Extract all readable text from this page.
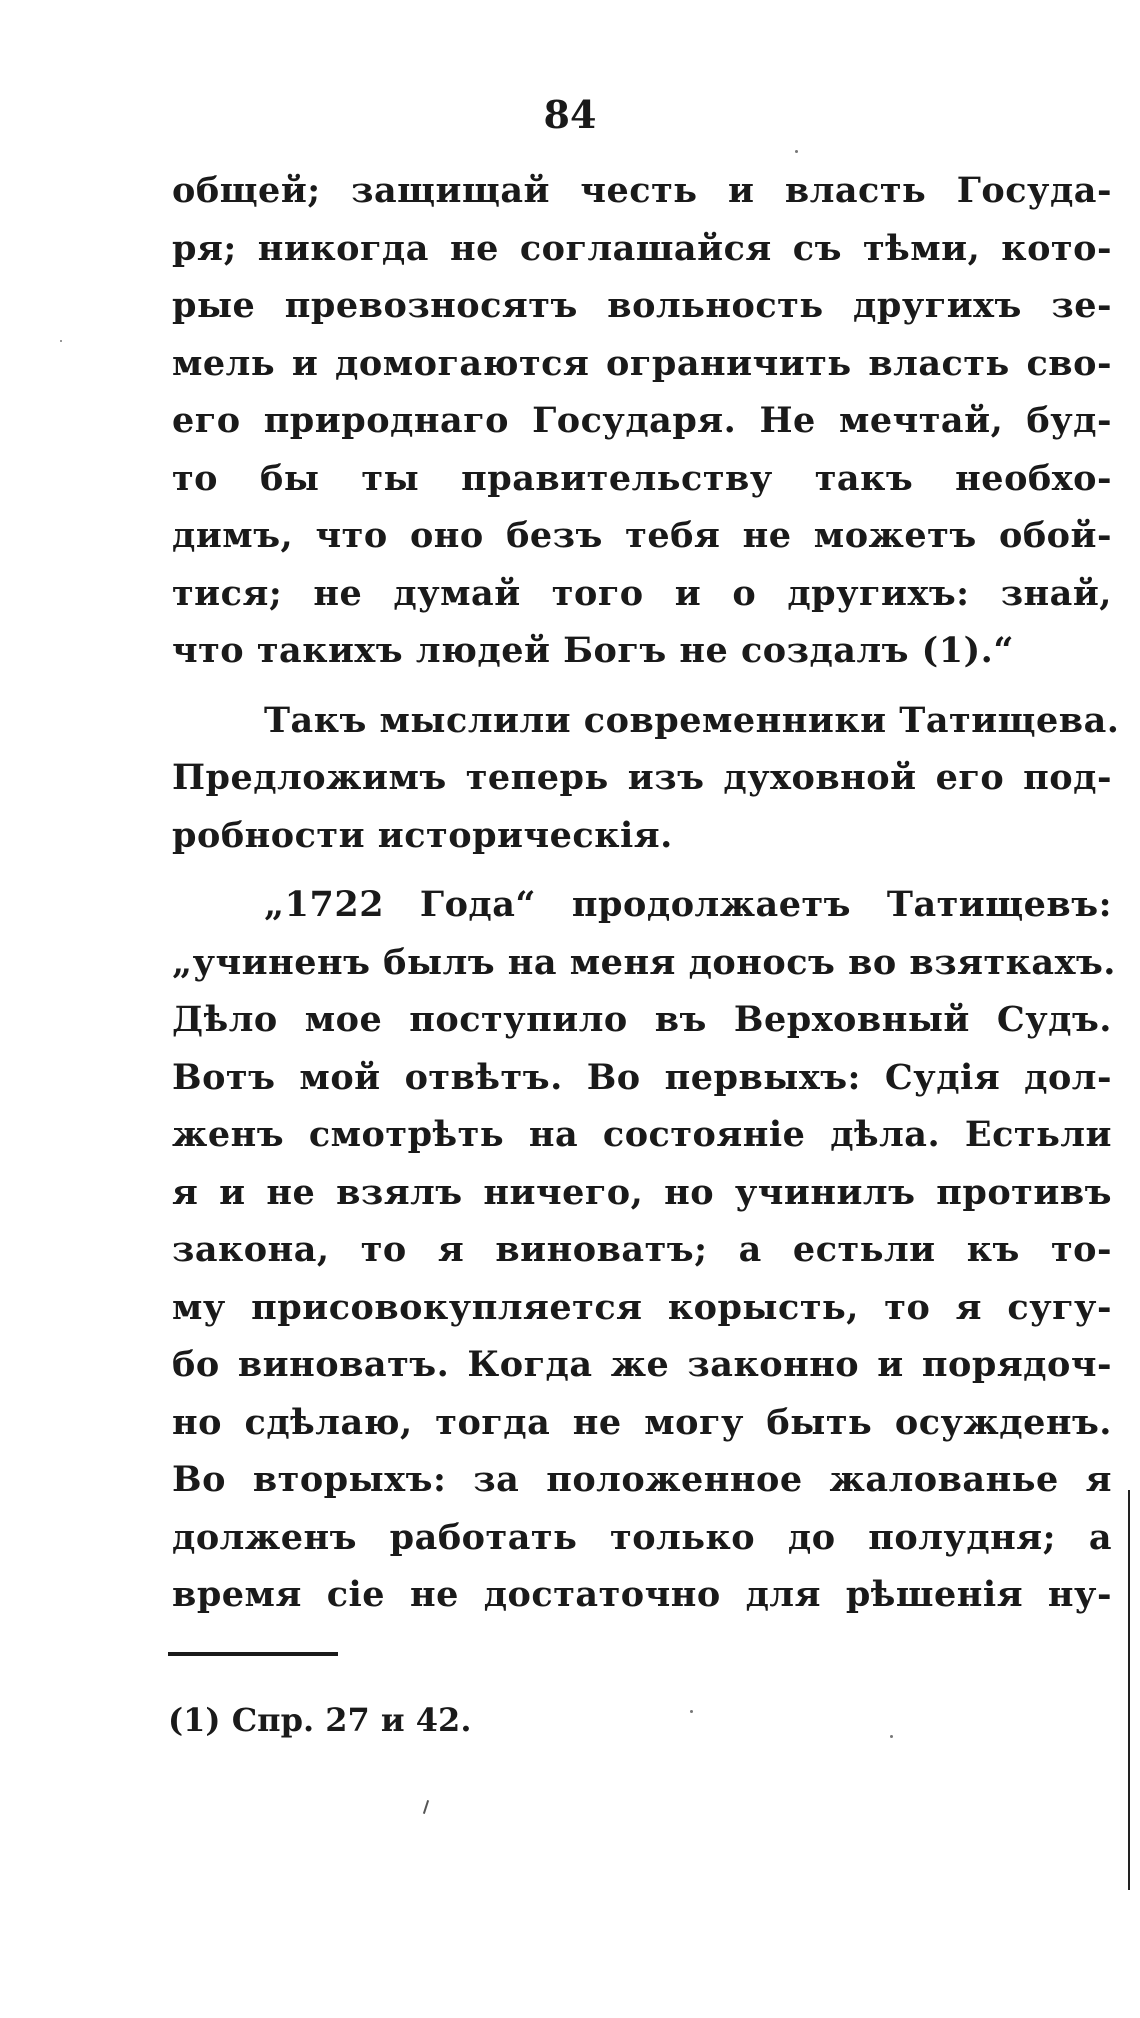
84
общей; защищай честь и власть Госуда-
ря; никогда не соглашайся съ тѣми, кото-
рые превозносятъ вольность другихъ зе-
мель и домогаются ограничить власть сво-
его природнаго Государя. Не мечтай, буд-
то бы ты правительству такъ необхо-
димъ, что оно безъ тебя не можетъ обой-
тися; не думай того и о другихъ: знай,
что такихъ людей Богъ не создалъ (1).“
Такъ мыслили современники Татищева.
Предложимъ теперь изъ духовной его под-
робности историческія.
„1722 Года“ продолжаетъ Татищевъ:
„учиненъ былъ на меня доносъ во взяткахъ.
Дѣло мое поступило въ Верховный Судъ.
Вотъ мой отвѣтъ. Во первыхъ: Судія дол-
женъ смотрѣть на состояніе дѣла. Естьли
я и не взялъ ничего, но учинилъ противъ
закона, то я виноватъ; а естьли къ то-
му присовокупляется корысть, то я сугу-
бо виноватъ. Когда же законно и порядоч-
но сдѣлаю, тогда не могу быть осужденъ.
Во вторыхъ: за положенное жалованье я
долженъ работать только до полудня; а
время сіе не достаточно для рѣшенія ну-
(1) Спр. 27 и 42.
